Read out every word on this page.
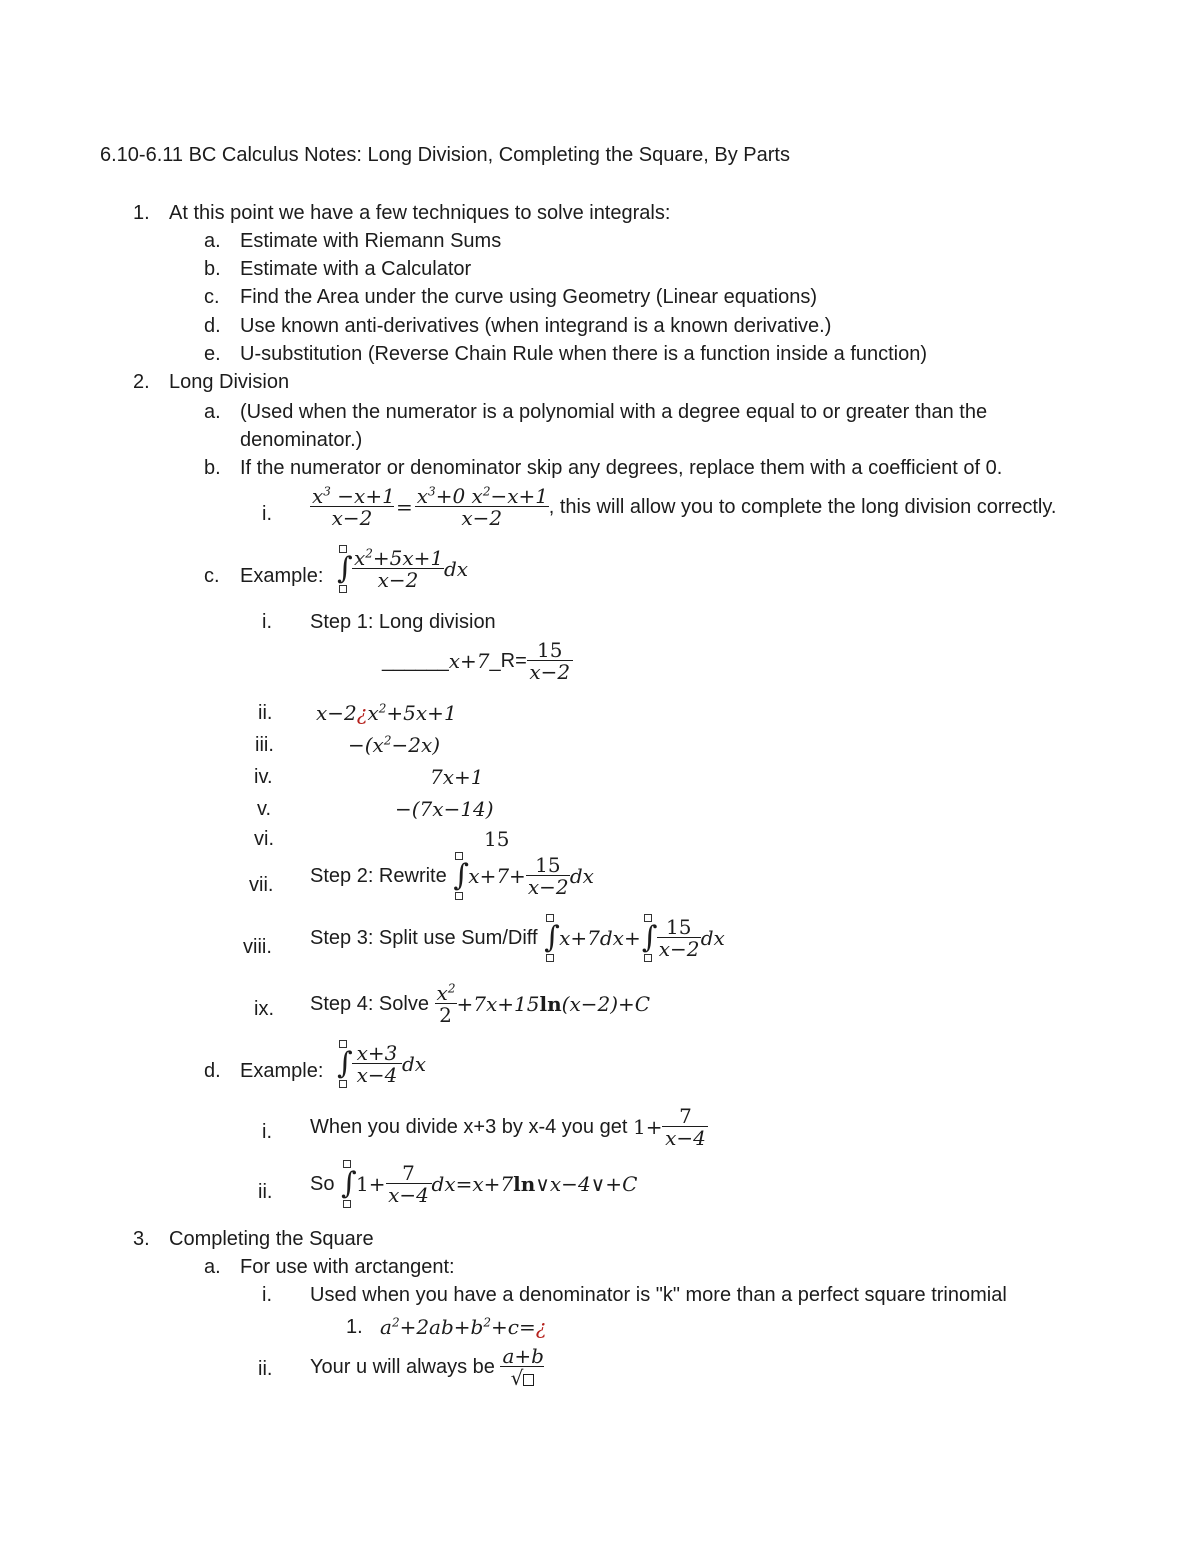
6.10-6.11 BC Calculus Notes: Long Division, Completing the Square, By Parts
1. At this point we have a few techniques to solve integrals:
a. Estimate with Riemann Sums
b. Estimate with a Calculator
c. Find the Area under the curve using Geometry (Linear equations)
d. Use known anti-derivatives (when integrand is a known derivative.)
e. U-substitution (Reverse Chain Rule when there is a function inside a function)
2. Long Division
a. (Used when the numerator is a polynomial with a degree equal to or greater than the
denominator.)
b. If the numerator or denominator skip any degrees, replace them with a coefficient of 0.
i. $\frac{x^3 -x+1}{x-2} = \frac{x^3+0 x^2-x+1}{x-2}$ , this will allow you to complete the long division correctly.
c. Example: ∫ $\frac{x^2+5x+1}{x-2}$ dx
i. Step 1: Long division
______x+7_R= $\frac{15}{x-2}$
ii. $x-2¿x^2+5x+1$
iii.	$-(x^2-2x)$
iv.	7x+1
v.	−(7x−14)
vi.	15
vii. Step 2: Rewrite ∫ $x+7+ \frac{15}{x-2}$ dx
viii. Step 3: Split use Sum/Diff ∫ x+7dx+ ∫ $\frac{15}{x-2}$ dx
ix. Step 4: Solve $\frac{x^2}{2} +7x+15\ln(x-2)+C$
d. Example: ∫ $\frac{x+3}{x-4}$ dx
i. When you divide x+3 by x-4 you get $1+ \frac{7}{x-4}$
ii. So ∫ $1+ \frac{7}{x-4}$ dx=x+7ln∨x−4∨+C
3. Completing the Square
a. For use with arctangent:
i. Used when you have a denominator is "k" more than a perfect square trinomial
1. $a^2+2ab+b^2+c=¿$
ii. Your u will always be $\frac{a+b}{√}$
